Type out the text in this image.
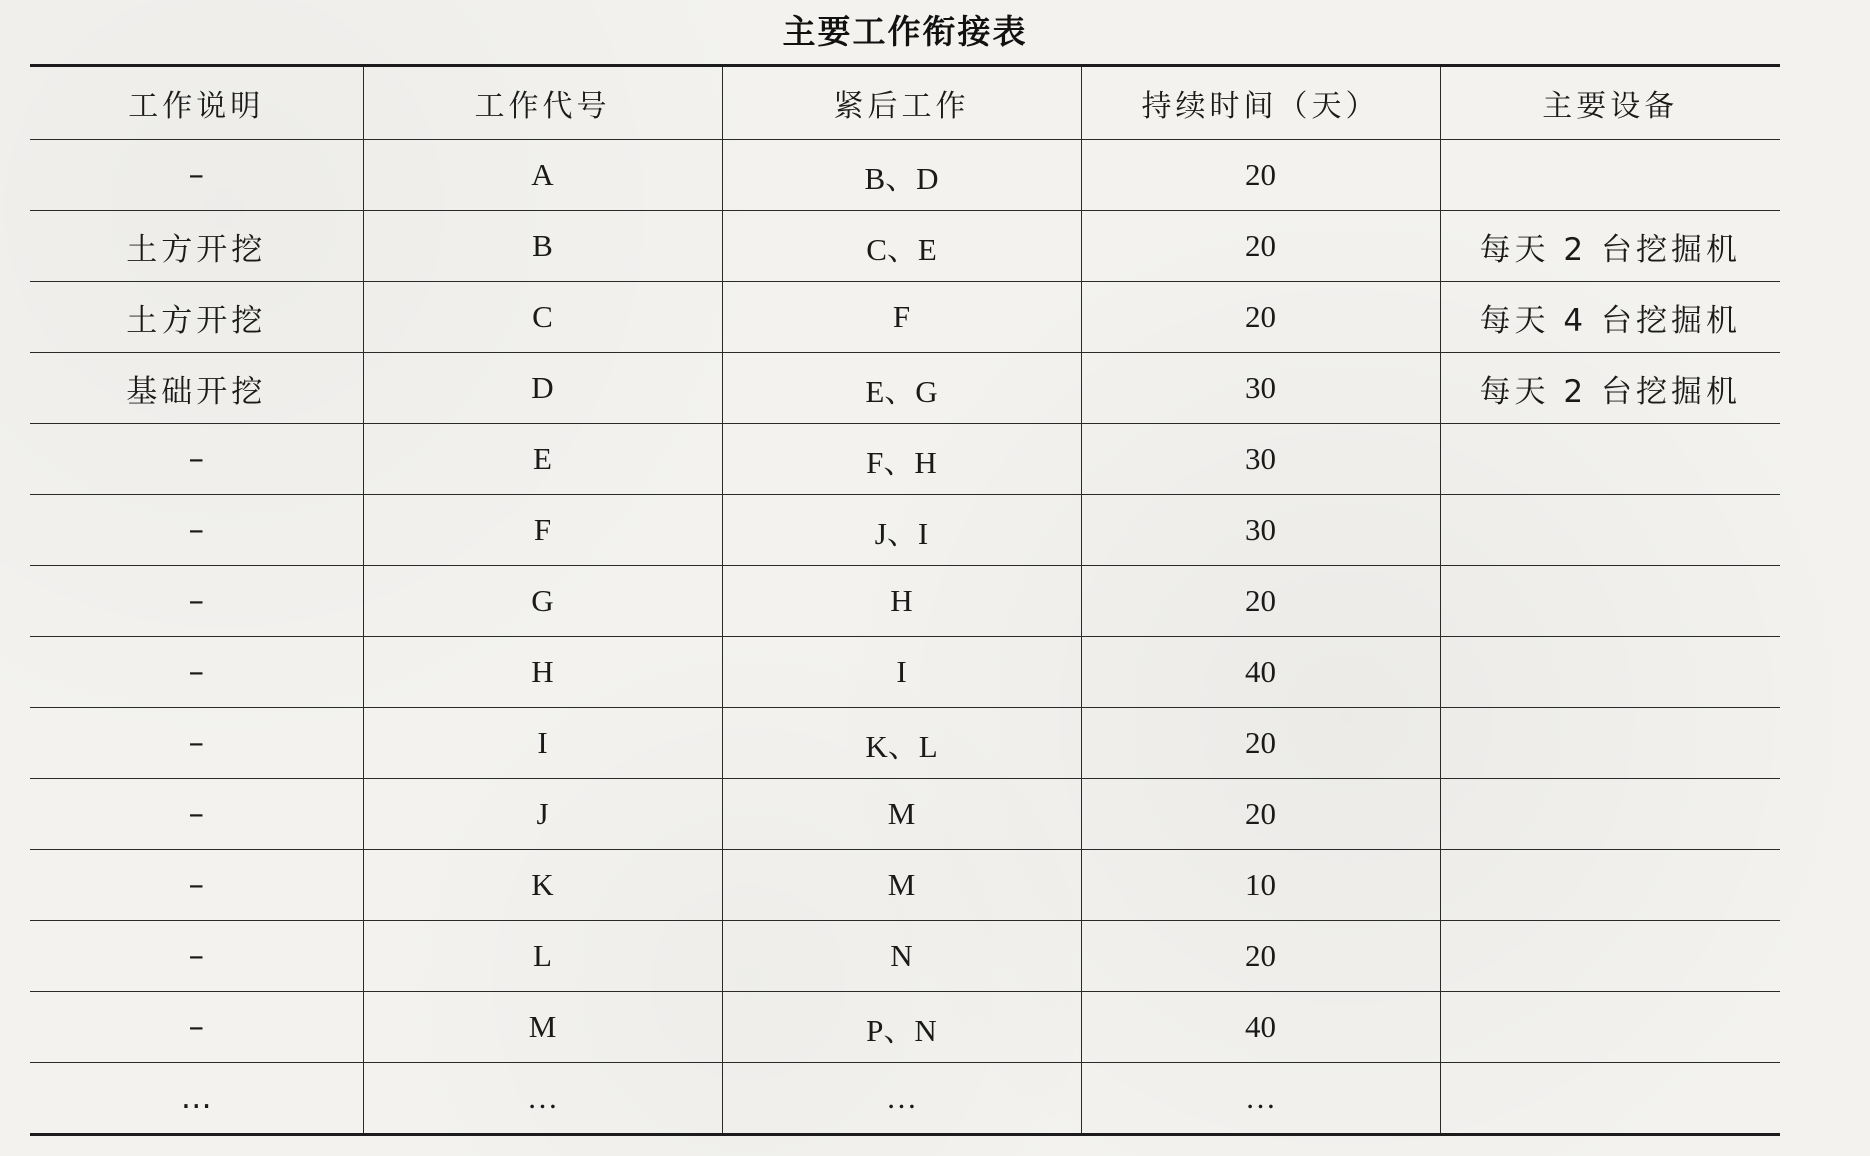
主要工作衔接表
工作说明	工作代号	紧后工作	持续时间（天）	主要设备
–	A	B、D	20	
土方开挖	B	C、E	20	每天 2 台挖掘机
土方开挖	C	F	20	每天 4 台挖掘机
基础开挖	D	E、G	30	每天 2 台挖掘机
–	E	F、H	30	
–	F	J、I	30	
–	G	H	20	
–	H	I	40	
–	I	K、L	20	
–	J	M	20	
–	K	M	10	
–	L	N	20	
–	M	P、N	40	
…	…	…	…	
